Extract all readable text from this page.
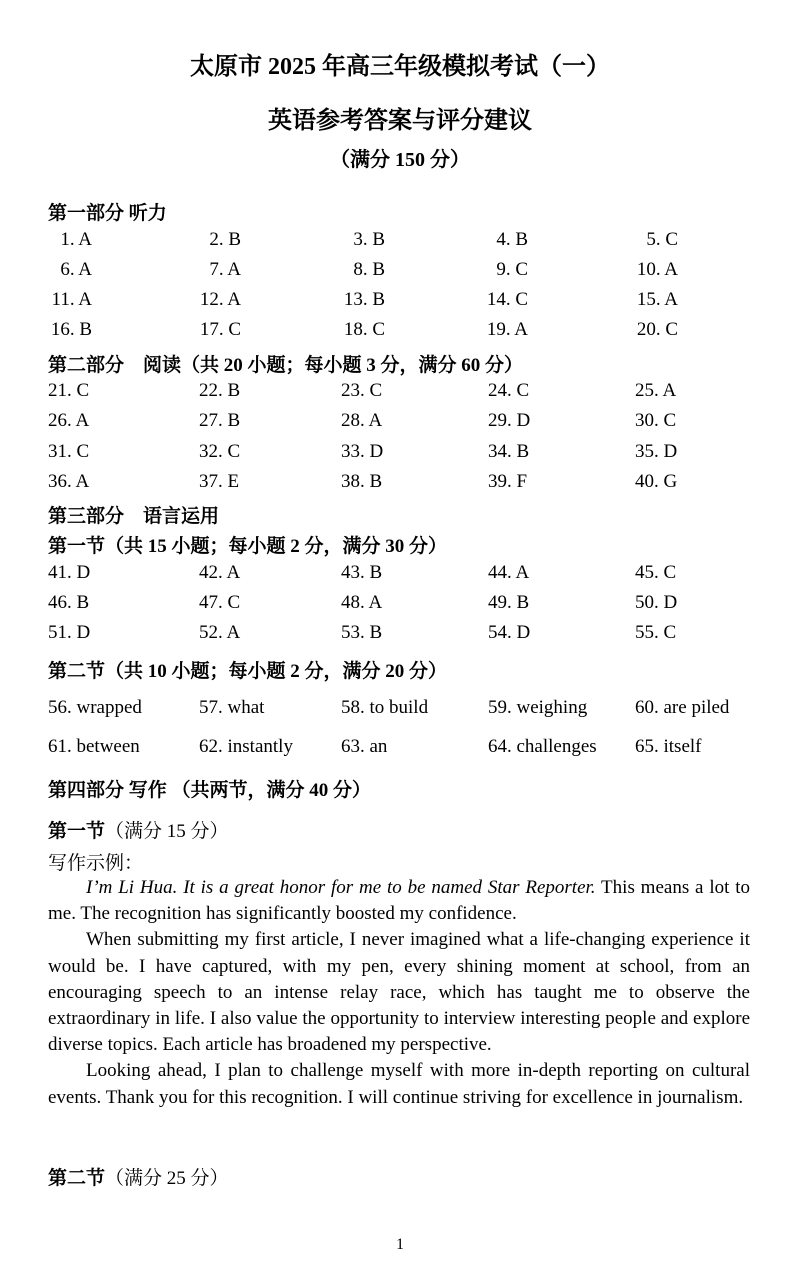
太原市 2025 年高三年级模拟考试（一）
英语参考答案与评分建议
（满分 150 分）
第一部分 听力
第二部分　阅读（共 20 小题；每小题 3 分，满分 60 分）
第三部分　语言运用
第一节（共 15 小题；每小题 2 分，满分 30 分）
第二节（共 10 小题；每小题 2 分，满分 20 分）
第四部分 写作 （共两节，满分 40 分）
第一节（满分 15 分）
写作示例：
第二节（满分 25 分）
1. A	2. B	3. B	4. B	5. C
6. A	7. A	8. B	9. C	10. A
11. A	12. A	13. B	14. C	15. A
16. B	17. C	18. C	19. A	20. C
21. C	22. B	23. C	24. C	25. A
26. A	27. B	28. A	29. D	30. C
31. C	32. C	33. D	34. B	35. D
36. A	37. E	38. B	39. F	40. G
41. D	42. A	43. B	44. A	45. C
46. B	47. C	48. A	49. B	50. D
51. D	52. A	53. B	54. D	55. C
56. wrapped	57. what	58. to build	59. weighing	60. are piled
61. between	62. instantly	63. an	64. challenges 65. itself

I’m Li Hua. It is a great honor for me to be named Star Reporter. This means a lot to me. The recognition has significantly boosted my confidence.

When submitting my first article, I never imagined what a life-changing experience it would be. I have captured, with my pen, every shining moment at school, from an encouraging speech to an intense relay race, which has taught me to observe the extraordinary in life. I also value the opportunity to interview interesting people and explore diverse topics. Each article has broadened my perspective.

Looking ahead, I plan to challenge myself with more in-depth reporting on cultural events. Thank you for this recognition. I will continue striving for excellence in journalism.

1
